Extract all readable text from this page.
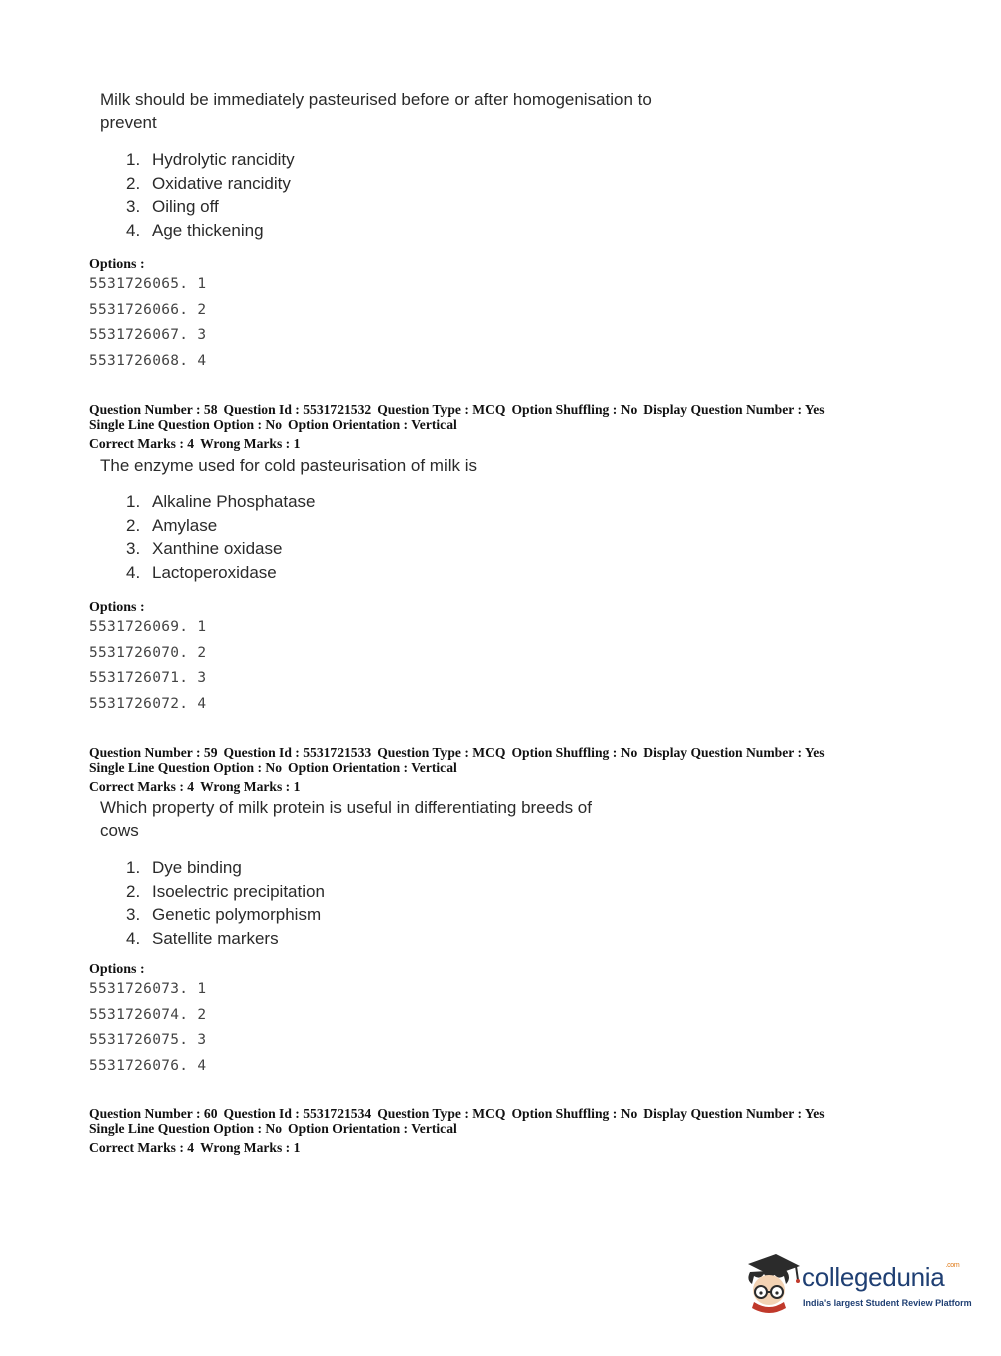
Milk should be immediately pasteurised before or after homogenisation to prevent
1. Hydrolytic rancidity
2. Oxidative rancidity
3. Oiling off
4. Age thickening
Options :
5531726065. 1
5531726066. 2
5531726067. 3
5531726068. 4
Question Number : 58 Question Id : 5531721532 Question Type : MCQ Option Shuffling : No Display Question Number : Yes
Single Line Question Option : No Option Orientation : Vertical
Correct Marks : 4 Wrong Marks : 1
The enzyme used for cold pasteurisation of milk is
1. Alkaline Phosphatase
2. Amylase
3. Xanthine oxidase
4. Lactoperoxidase
Options :
5531726069. 1
5531726070. 2
5531726071. 3
5531726072. 4
Question Number : 59 Question Id : 5531721533 Question Type : MCQ Option Shuffling : No Display Question Number : Yes
Single Line Question Option : No Option Orientation : Vertical
Correct Marks : 4 Wrong Marks : 1
Which property of milk protein is useful in differentiating breeds of cows
1. Dye binding
2. Isoelectric precipitation
3. Genetic polymorphism
4. Satellite markers
Options :
5531726073. 1
5531726074. 2
5531726075. 3
5531726076. 4
Question Number : 60 Question Id : 5531721534 Question Type : MCQ Option Shuffling : No Display Question Number : Yes
Single Line Question Option : No Option Orientation : Vertical
Correct Marks : 4 Wrong Marks : 1
collegedunia$^{.com}$
India's largest Student Review Platform
